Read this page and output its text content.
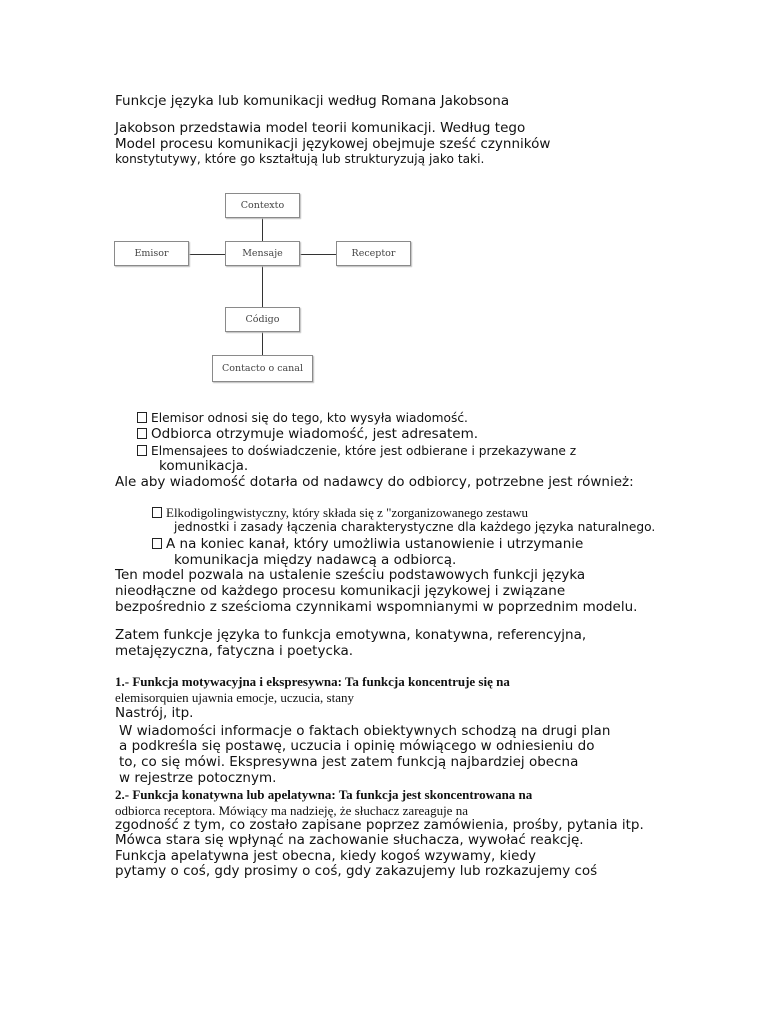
Funkcje języka lub komunikacji według Romana Jakobsona
Jakobson przedstawia model teorii komunikacji. Według tego
Model procesu komunikacji językowej obejmuje sześć czynników
konstytutywy, które go kształtują lub strukturyzują jako taki.
Contexto
Emisor	Mensaje	Receptor
Código
Contacto o canal
Elemisor odnosi się do tego, kto wysyła wiadomość.
Odbiorca otrzymuje wiadomość, jest adresatem.
Elmensajees to doświadczenie, które jest odbierane i przekazywane z
komunikacja.
Ale aby wiadomość dotarła od nadawcy do odbiorcy, potrzebne jest również:
Elkodigolingwistyczny, który składa się z "zorganizowanego zestawu
jednostki i zasady łączenia charakterystyczne dla każdego języka naturalnego.
A na koniec kanał, który umożliwia ustanowienie i utrzymanie
komunikacja między nadawcą a odbiorcą.
Ten model pozwala na ustalenie sześciu podstawowych funkcji języka
nieodłączne od każdego procesu komunikacji językowej i związane
bezpośrednio z sześcioma czynnikami wspomnianymi w poprzednim modelu.
Zatem funkcje języka to funkcja emotywna, konatywna, referencyjna,
metajęzyczna, fatyczna i poetycka.
1.- Funkcja motywacyjna i ekspresywna: Ta funkcja koncentruje się na
elemisorquien ujawnia emocje, uczucia, stany
Nastrój, itp.
W wiadomości informacje o faktach obiektywnych schodzą na drugi plan
a podkreśla się postawę, uczucia i opinię mówiącego w odniesieniu do
to, co się mówi. Ekspresywna jest zatem funkcją najbardziej obecna
w rejestrze potocznym.
2.- Funkcja konatywna lub apelatywna: Ta funkcja jest skoncentrowana na
odbiorca receptora. Mówiący ma nadzieję, że słuchacz zareaguje na
zgodność z tym, co zostało zapisane poprzez zamówienia, prośby, pytania itp.
Mówca stara się wpłynąć na zachowanie słuchacza, wywołać reakcję.
Funkcja apelatywna jest obecna, kiedy kogoś wzywamy, kiedy
pytamy o coś, gdy prosimy o coś, gdy zakazujemy lub rozkazujemy coś
